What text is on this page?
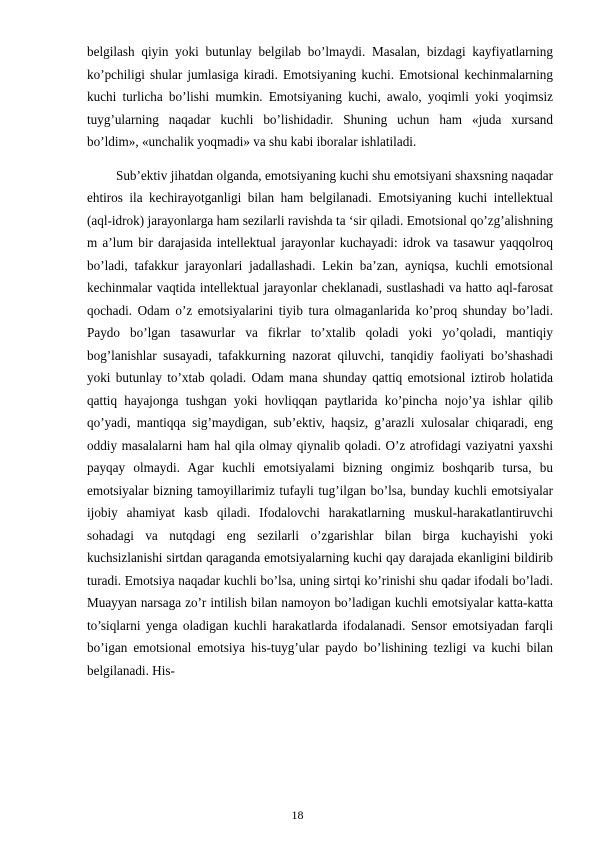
belgilash qiyin yoki butunlay belgilab bo’lmaydi. Masalan, bizdagi kayfiyatlarning ko’pchiligi shular jumlasiga kiradi. Emotsiyaning kuchi. Emotsional kechinmalarning kuchi turlicha bo’lishi mumkin. Emotsiyaning kuchi, awalo, yoqimli yoki yoqimsiz tuyg’ularning naqadar kuchli bo’lishidadir. Shuning uchun ham «juda xursand bo’ldim», «unchalik yoqmadi» va shu kabi iboralar ishlatiladi.

Sub’ektiv jihatdan olganda, emotsiyaning kuchi shu emotsiyani shaxsning naqadar ehtiros ila kechirayotganligi bilan ham belgilanadi. Emotsiyaning kuchi intellektual (aql-idrok) jarayonlarga ham sezilarli ravishda ta ‘sir qiladi. Emotsional qo’zg’alishning m a’lum bir darajasida intellektual jarayonlar kuchayadi: idrok va tasawur yaqqolroq bo’ladi, tafakkur jarayonlari jadallashadi. Lekin ba’zan, ayniqsa, kuchli emotsional kechinmalar vaqtida intellektual jarayonlar cheklanadi, sustlashadi va hatto aql-farosat qochadi. Odam o’z emotsiyalarini tiyib tura olmaganlarida ko’proq shunday bo’ladi. Paydo bo’lgan tasawurlar va fikrlar to’xtalib qoladi yoki yo’qoladi, mantiqiy bog’lanishlar susayadi, tafakkurning nazorat qiluvchi, tanqidiy faoliyati bo’shashadi yoki butunlay to’xtab qoladi. Odam mana shunday qattiq emotsional iztirob holatida qattiq hayajonga tushgan yoki hovliqqan paytlarida ko’pincha nojo’ya ishlar qilib qo’yadi, mantiqqa sig’maydigan, sub’ektiv, haqsiz, g’arazli xulosalar chiqaradi, eng oddiy masalalarni ham hal qila olmay qiynalib qoladi. O’z atrofidagi vaziyatni yaxshi payqay olmaydi. Agar kuchli emotsiyalami bizning ongimiz boshqarib tursa, bu emotsiyalar bizning tamoyillarimiz tufayli tug’ilgan bo’lsa, bunday kuchli emotsiyalar ijobiy ahamiyat kasb qiladi. Ifodalovchi harakatlarning muskul-harakatlantiruvchi sohadagi va nutqdagi eng sezilarli o’zgarishlar bilan birga kuchayishi yoki kuchsizlanishi sirtdan qaraganda emotsiyalarning kuchi qay darajada ekanligini bildirib turadi. Emotsiya naqadar kuchli bo’lsa, uning sirtqi ko’rinishi shu qadar ifodali bo’ladi. Muayyan narsaga zo’r intilish bilan namoyon bo’ladigan kuchli emotsiyalar katta-katta to’siqlarni yenga oladigan kuchli harakatlarda ifodalanadi. Sensor emotsiyadan farqli bo’igan emotsional emotsiya his-tuyg’ular paydo bo’lishining tezligi va kuchi bilan belgilanadi. His-

18
